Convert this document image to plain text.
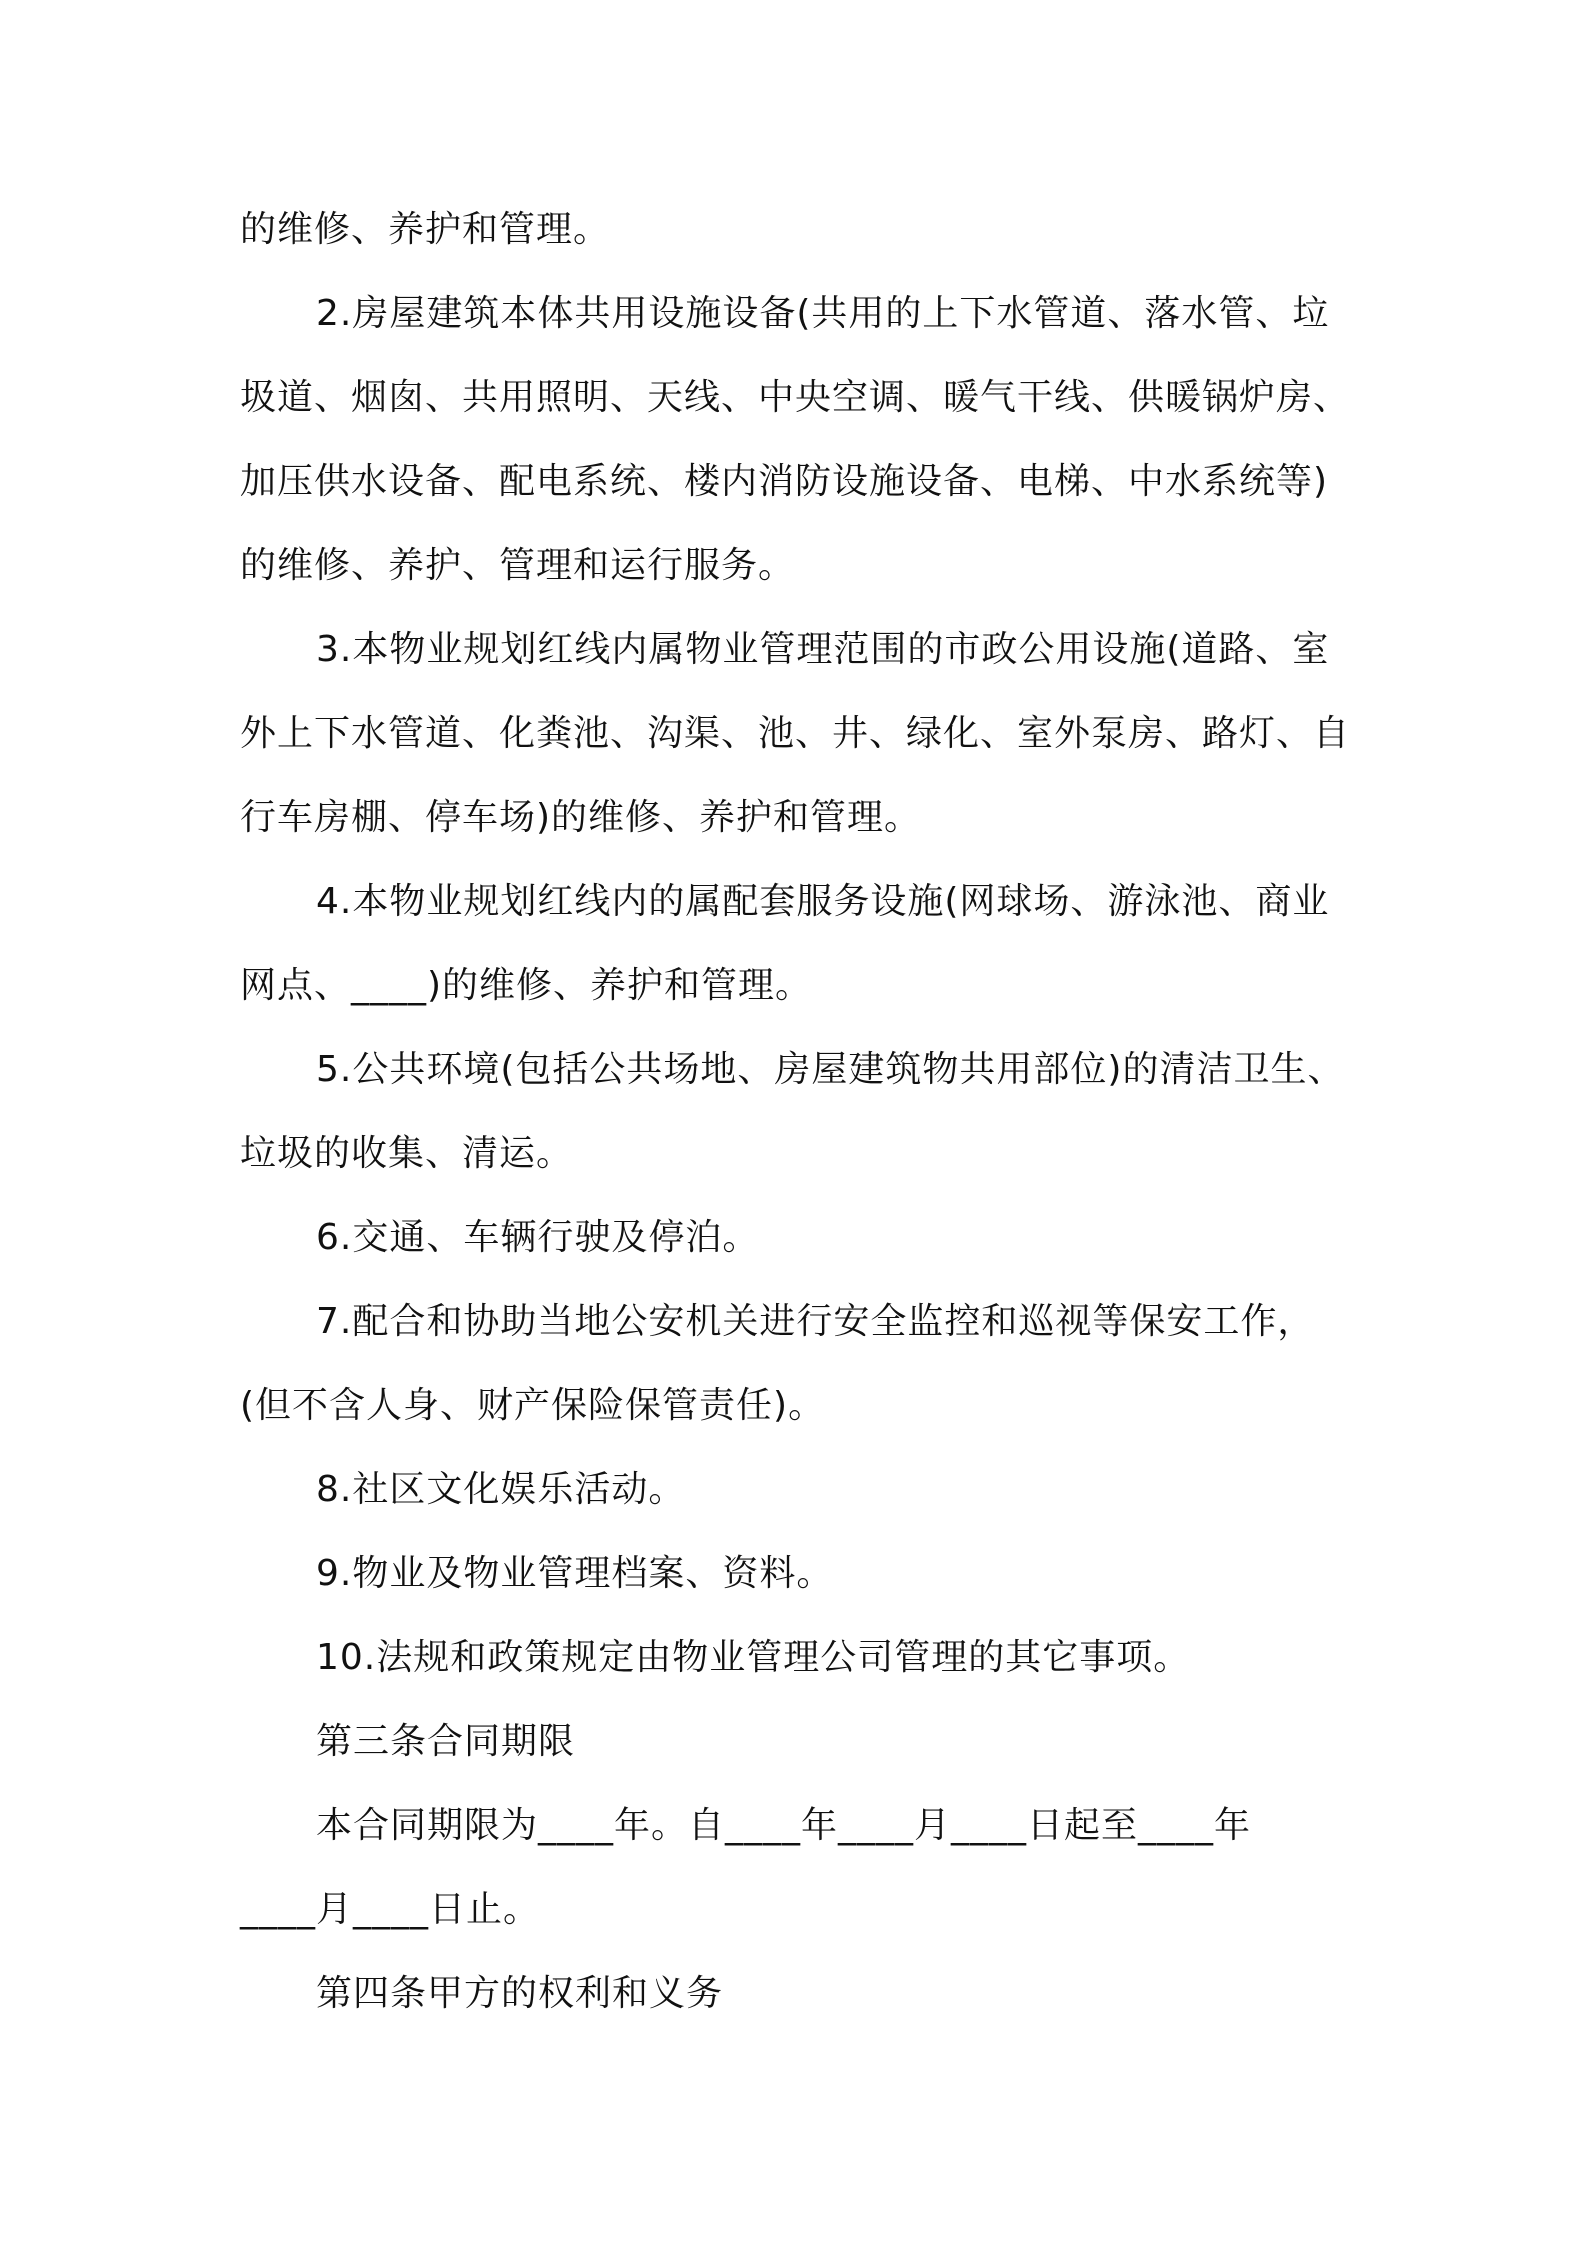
的维修、养护和管理。

2.房屋建筑本体共用设施设备(共用的上下水管道、落水管、垃
圾道、烟囱、共用照明、天线、中央空调、暖气干线、供暖锅炉房、
加压供水设备、配电系统、楼内消防设施设备、电梯、中水系统等)
的维修、养护、管理和运行服务。

3.本物业规划红线内属物业管理范围的市政公用设施(道路、室
外上下水管道、化粪池、沟渠、池、井、绿化、室外泵房、路灯、自
行车房棚、停车场)的维修、养护和管理。

4.本物业规划红线内的属配套服务设施(网球场、游泳池、商业
网点、____)的维修、养护和管理。

5.公共环境(包括公共场地、房屋建筑物共用部位)的清洁卫生、
垃圾的收集、清运。

6.交通、车辆行驶及停泊。

7.配合和协助当地公安机关进行安全监控和巡视等保安工作，
(但不含人身、财产保险保管责任)。

8.社区文化娱乐活动。

9.物业及物业管理档案、资料。

10.法规和政策规定由物业管理公司管理的其它事项。

第三条合同期限

本合同期限为____年。自____年____月____日起至____年
____月____日止。

第四条甲方的权利和义务
